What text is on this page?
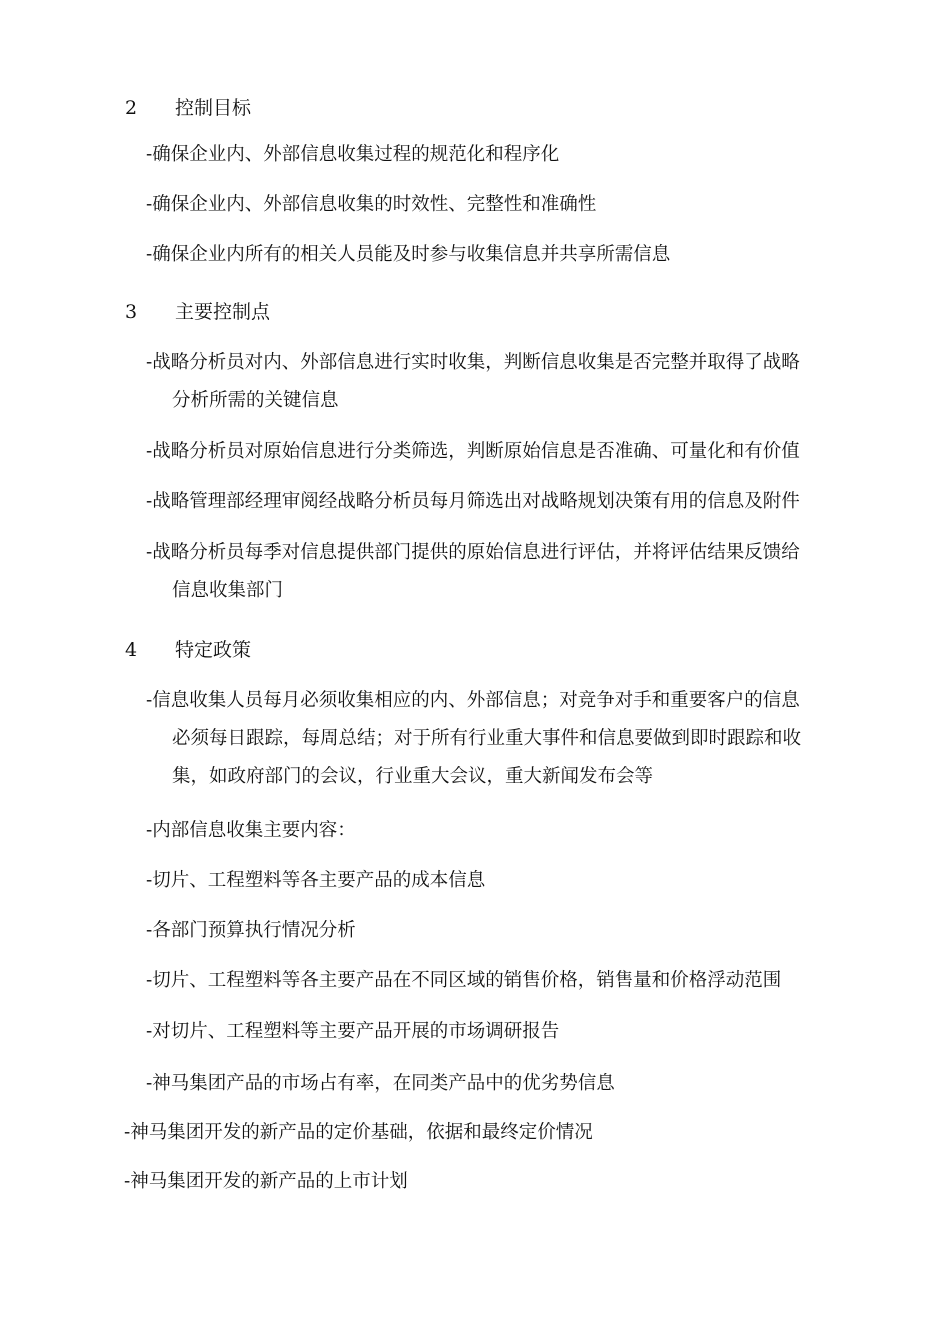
2 控制目标
-确保企业内、外部信息收集过程的规范化和程序化
-确保企业内、外部信息收集的时效性、完整性和准确性
-确保企业内所有的相关人员能及时参与收集信息并共享所需信息
3 主要控制点
-战略分析员对内、外部信息进行实时收集，判断信息收集是否完整并取得了战略
分析所需的关键信息
-战略分析员对原始信息进行分类筛选，判断原始信息是否准确、可量化和有价值
-战略管理部经理审阅经战略分析员每月筛选出对战略规划决策有用的信息及附件
-战略分析员每季对信息提供部门提供的原始信息进行评估，并将评估结果反馈给
信息收集部门
4 特定政策
-信息收集人员每月必须收集相应的内、外部信息；对竞争对手和重要客户的信息
必须每日跟踪，每周总结；对于所有行业重大事件和信息要做到即时跟踪和收
集，如政府部门的会议，行业重大会议，重大新闻发布会等
-内部信息收集主要内容：
-切片、工程塑料等各主要产品的成本信息
-各部门预算执行情况分析
-切片、工程塑料等各主要产品在不同区域的销售价格，销售量和价格浮动范围
-对切片、工程塑料等主要产品开展的市场调研报告
-神马集团产品的市场占有率，在同类产品中的优劣势信息
-神马集团开发的新产品的定价基础，依据和最终定价情况
-神马集团开发的新产品的上市计划
